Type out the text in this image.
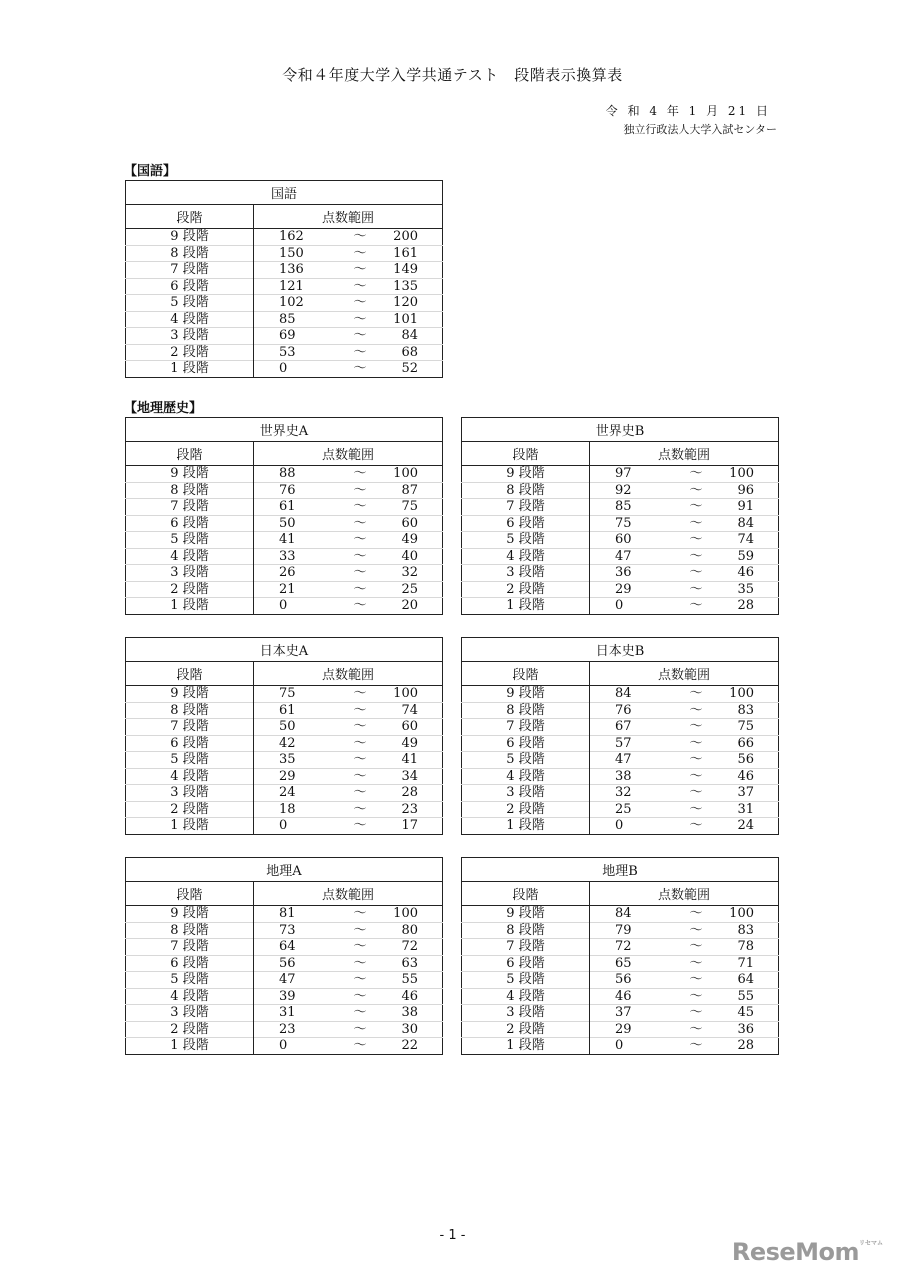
令和４年度大学入学共通テスト　段階表示換算表
令 和 4 年 1 月 21 日
独立行政法人大学入試センター
【国語】
国語			
段階	点数範囲		
9 段階	162	～	200
8 段階	150	～	161
7 段階	136	～	149
6 段階	121	～	135
5 段階	102	～	120
4 段階	85	～	101
3 段階	69	～	84
2 段階	53	～	68
1 段階	0	～	52
【地理歴史】
世界史A			
段階	点数範囲		
9 段階	88	～	100
8 段階	76	～	87
7 段階	61	～	75
6 段階	50	～	60
5 段階	41	～	49
4 段階	33	～	40
3 段階	26	～	32
2 段階	21	～	25
1 段階	0	～	20
世界史B			
段階	点数範囲		
9 段階	97	～	100
8 段階	92	～	96
7 段階	85	～	91
6 段階	75	～	84
5 段階	60	～	74
4 段階	47	～	59
3 段階	36	～	46
2 段階	29	～	35
1 段階	0	～	28
日本史A			
段階	点数範囲		
9 段階	75	～	100
8 段階	61	～	74
7 段階	50	～	60
6 段階	42	～	49
5 段階	35	～	41
4 段階	29	～	34
3 段階	24	～	28
2 段階	18	～	23
1 段階	0	～	17
日本史B			
段階	点数範囲		
9 段階	84	～	100
8 段階	76	～	83
7 段階	67	～	75
6 段階	57	～	66
5 段階	47	～	56
4 段階	38	～	46
3 段階	32	～	37
2 段階	25	～	31
1 段階	0	～	24
地理A			
段階	点数範囲		
9 段階	81	～	100
8 段階	73	～	80
7 段階	64	～	72
6 段階	56	～	63
5 段階	47	～	55
4 段階	39	～	46
3 段階	31	～	38
2 段階	23	～	30
1 段階	0	～	22
地理B			
段階	点数範囲		
9 段階	84	～	100
8 段階	79	～	83
7 段階	72	～	78
6 段階	65	～	71
5 段階	56	～	64
4 段階	46	～	55
3 段階	37	～	45
2 段階	29	～	36
1 段階	0	～	28
- 1 -
ReseMom$^{リセマム}$
